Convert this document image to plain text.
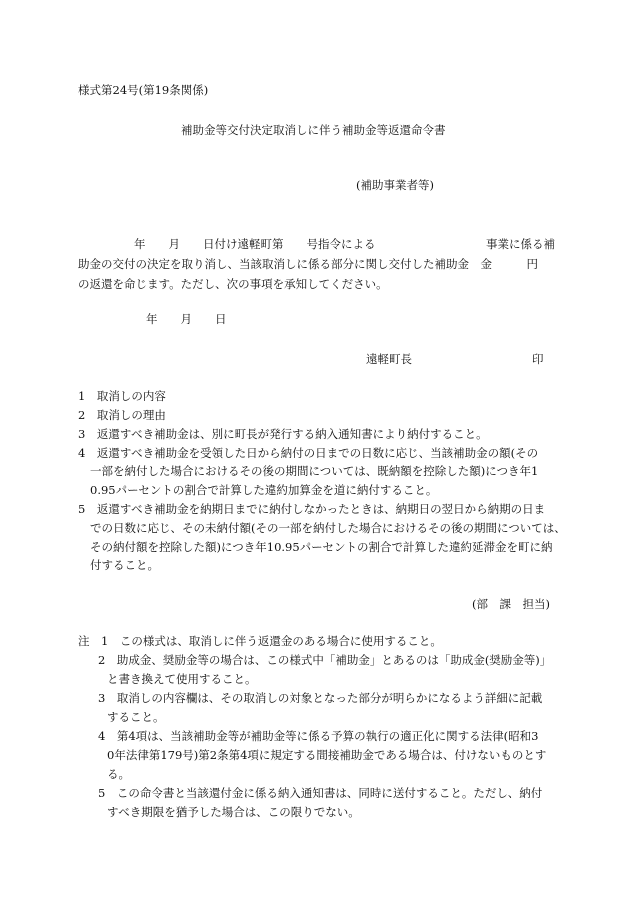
様式第24号(第19条関係)
補助金等交付決定取消しに伴う補助金等返還命令書
(補助事業者等)
年　　月　　日付け遠軽町第　　号指令による	事業に係る補
助金の交付の決定を取り消し、当該取消しに係る部分に関し交付した補助金　金　　　円
の返還を命じます。ただし、次の事項を承知してください。
年　　月　　日
遠軽町長	印
1　取消しの内容
2　取消しの理由
3　返還すべき補助金は、別に町長が発行する納入通知書により納付すること。
4　返還すべき補助金を受領した日から納付の日までの日数に応じ、当該補助金の額(その
一部を納付した場合におけるその後の期間については、既納額を控除した額)につき年1
0.95パーセントの割合で計算した違約加算金を道に納付すること。
5　返還すべき補助金を納期日までに納付しなかったときは、納期日の翌日から納期の日ま
での日数に応じ、その未納付額(その一部を納付した場合におけるその後の期間については、
その納付額を控除した額)につき年10.95パーセントの割合で計算した違約延滞金を町に納
付すること。
(部　課　担当)
注　1　この様式は、取消しに伴う返還金のある場合に使用すること。
2　助成金、奨励金等の場合は、この様式中「補助金」とあるのは「助成金(奨励金等)」
と書き換えて使用すること。
3　取消しの内容欄は、その取消しの対象となった部分が明らかになるよう詳細に記載
すること。
4　第4項は、当該補助金等が補助金等に係る予算の執行の適正化に関する法律(昭和3
0年法律第179号)第2条第4項に規定する間接補助金である場合は、付けないものとす
る。
5　この命令書と当該還付金に係る納入通知書は、同時に送付すること。ただし、納付
すべき期限を猶予した場合は、この限りでない。
